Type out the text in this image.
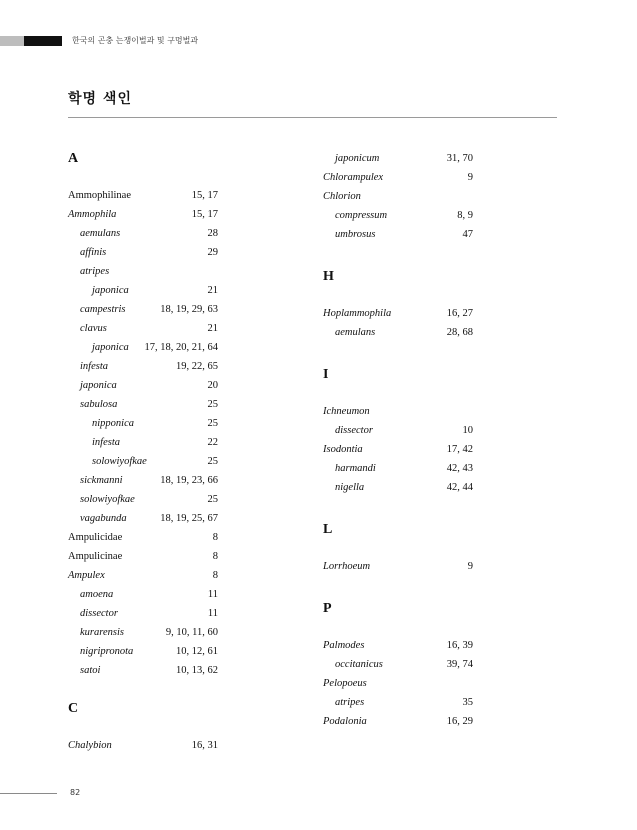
한국의 곤충 는쟁이벌과 및 구멍벌과
학명 색인
A
Ammophilinae	15, 17
Ammophila	15, 17
aemulans	28
affinis	29
atripes
japonica	21
campestris	18, 19, 29, 63
clavus	21
japonica 17, 18, 20, 21, 64
infesta	19, 22, 65
japonica	20
sabulosa	25
nipponica	25
infesta	22
solowiyofkae	25
sickmanni	18, 19, 23, 66
solowiyofkae	25
vagabunda	18, 19, 25, 67
Ampulicidae	8
Ampulicinae	8
Ampulex	8
amoena	11
dissector	11
kurarensis	9, 10, 11, 60
nigripronota	10, 12, 61
satoi	10, 13, 62
C
Chalybion	16, 31
japonicum	31, 70
Chlorampulex	9
Chlorion
compressum	8, 9
umbrosus	47
H
Hoplammophila	16, 27
aemulans	28, 68
I
Ichneumon
dissector	10
Isodontia	17, 42
harmandi	42, 43
nigella	42, 44
L
Lorrhoeum	9
P
Palmodes	16, 39
occitanicus	39, 74
Pelopoeus
atripes	35
Podalonia	16, 29
82
